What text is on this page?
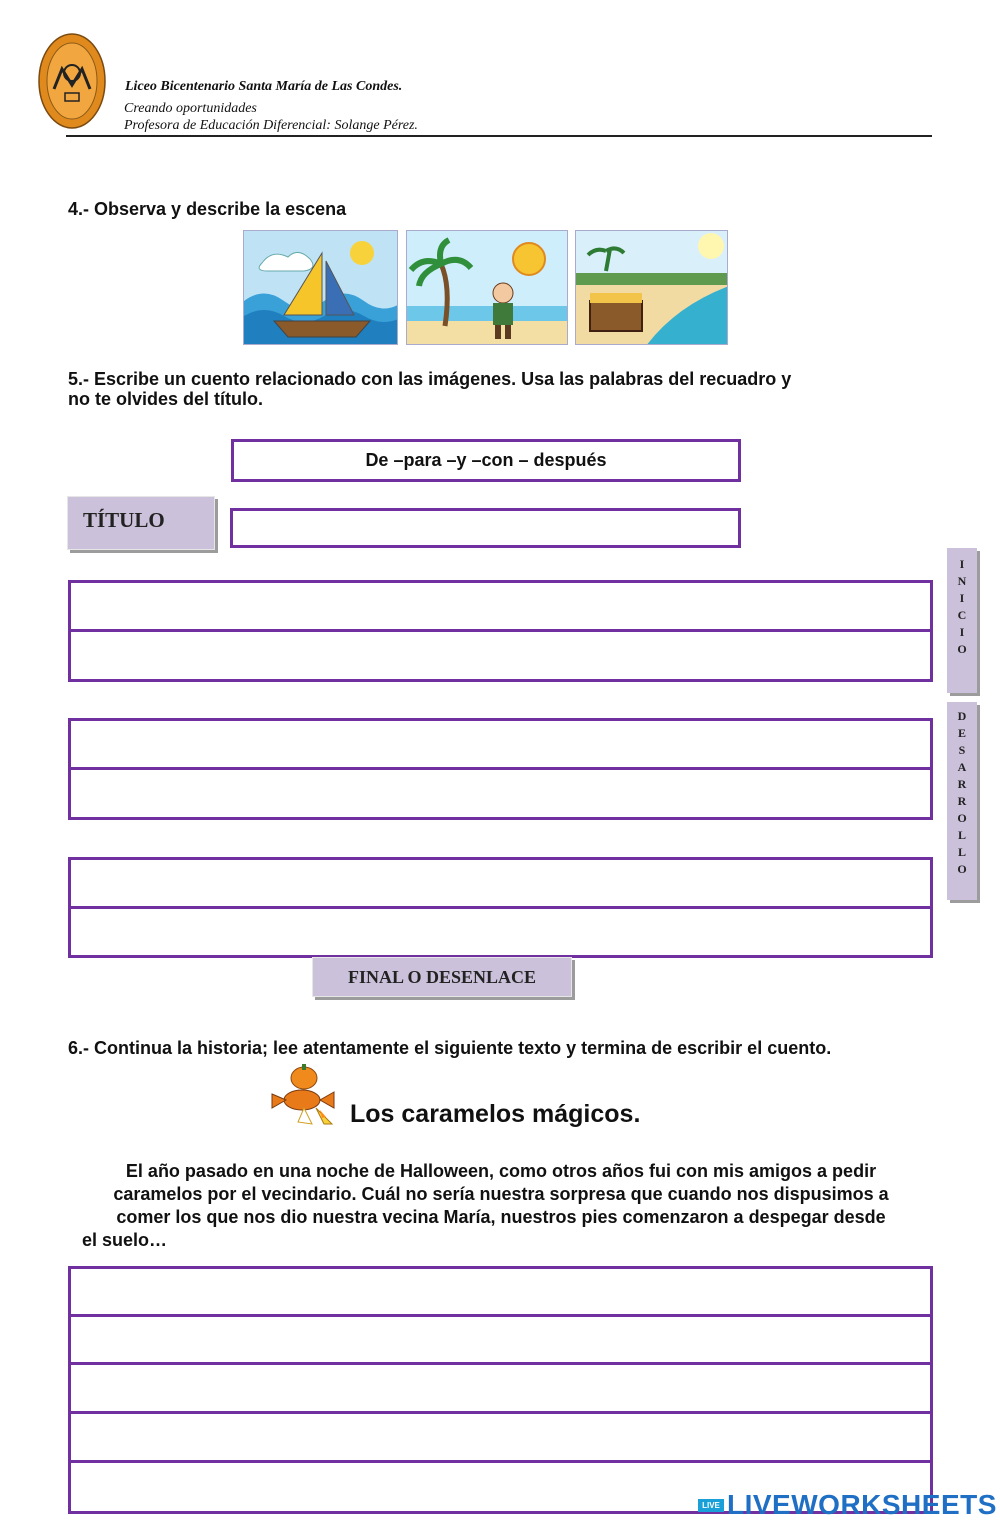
Liceo Bicentenario Santa María de Las Condes.
Creando oportunidades
Profesora de Educación Diferencial: Solange Pérez.
4.- Observa y describe la escena
5.- Escribe un cuento relacionado con las imágenes. Usa las palabras del recuadro y
no te olvides del título.
De –para –y –con – después
TÍTULO
I
N
I
C
I
O
D
E
S
A
R
R
O
L
L
O
FINAL O DESENLACE
6.- Continua la historia; lee atentamente el siguiente texto y termina de escribir el cuento.
Los caramelos mágicos.
El año pasado en una noche de Halloween, como otros años fui con mis amigos a pedir
caramelos por el vecindario. Cuál no sería nuestra sorpresa que cuando nos dispusimos a
comer los que nos dio nuestra vecina María, nuestros pies comenzaron a despegar desde
el suelo…
LIVE LIVEWORKSHEETS
